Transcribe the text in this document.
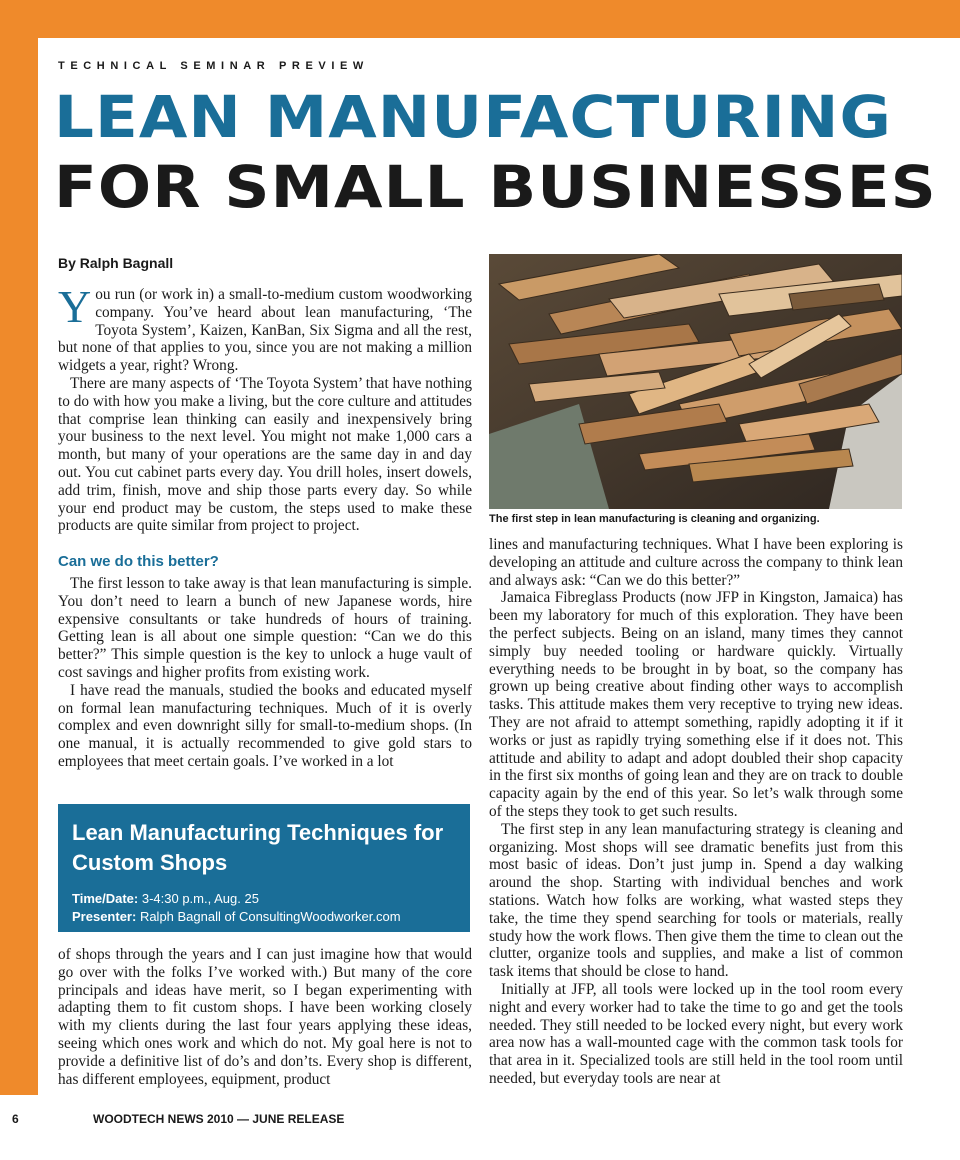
TECHNICAL SEMINAR PREVIEW
LEAN MANUFACTURING
FOR SMALL BUSINESSES
By Ralph Bagnall

You run (or work in) a small-to-medium custom woodworking company. You’ve heard about lean manufacturing, ‘The Toyota System’, Kaizen, KanBan, Six Sigma and all the rest, but none of that applies to you, since you are not making a million widgets a year, right? Wrong.

There are many aspects of ‘The Toyota System’ that have nothing to do with how you make a living, but the core culture and attitudes that comprise lean thinking can easily and inexpensively bring your business to the next level. You might not make 1,000 cars a month, but many of your operations are the same day in and day out. You cut cabinet parts every day. You drill holes, insert dowels, add trim, finish, move and ship those parts every day. So while your end product may be custom, the steps used to make these products are quite similar from project to project.

Can we do this better?

The first lesson to take away is that lean manufacturing is simple. You don’t need to learn a bunch of new Japanese words, hire expensive consultants or take hundreds of hours of training. Getting lean is all about one simple question: “Can we do this better?” This simple question is the key to unlock a huge vault of cost savings and higher profits from existing work.

I have read the manuals, studied the books and educated myself on formal lean manufacturing techniques. Much of it is overly complex and even downright silly for small-to-medium shops. (In one manual, it is actually recommended to give gold stars to employees that meet certain goals. I’ve worked in a lot

Lean Manufacturing Techniques for Custom Shops
Time/Date: 3-4:30 p.m., Aug. 25
Presenter: Ralph Bagnall of ConsultingWoodworker.com

of shops through the years and I can just imagine how that would go over with the folks I’ve worked with.) But many of the core principals and ideas have merit, so I began experimenting with adapting them to fit custom shops. I have been working closely with my clients during the last four years applying these ideas, seeing which ones work and which do not. My goal here is not to provide a definitive list of do’s and don’ts. Every shop is different, has different employees, equipment, product

The first step in lean manufacturing is cleaning and organizing.

lines and manufacturing techniques. What I have been exploring is developing an attitude and culture across the company to think lean and always ask: “Can we do this better?”

Jamaica Fibreglass Products (now JFP in Kingston, Jamaica) has been my laboratory for much of this exploration. They have been the perfect subjects. Being on an island, many times they cannot simply buy needed tooling or hardware quickly. Virtually everything needs to be brought in by boat, so the company has grown up being creative about finding other ways to accomplish tasks. This attitude makes them very receptive to trying new ideas. They are not afraid to attempt something, rapidly adopting it if it works or just as rapidly trying something else if it does not. This attitude and ability to adapt and adopt doubled their shop capacity in the first six months of going lean and they are on track to double capacity again by the end of this year. So let’s walk through some of the steps they took to get such results.

The first step in any lean manufacturing strategy is cleaning and organizing. Most shops will see dramatic benefits just from this most basic of ideas. Don’t just jump in. Spend a day walking around the shop. Starting with individual benches and work stations. Watch how folks are working, what wasted steps they take, the time they spend searching for tools or materials, really study how the work flows. Then give them the time to clean out the clutter, organize tools and supplies, and make a list of common task items that should be close to hand.

Initially at JFP, all tools were locked up in the tool room every night and every worker had to take the time to go and get the tools needed. They still needed to be locked every night, but every work area now has a wall-mounted cage with the common task tools for that area in it. Specialized tools are still held in the tool room until needed, but everyday tools are near at

6	WOODTECH NEWS 2010 — JUNE RELEASE
